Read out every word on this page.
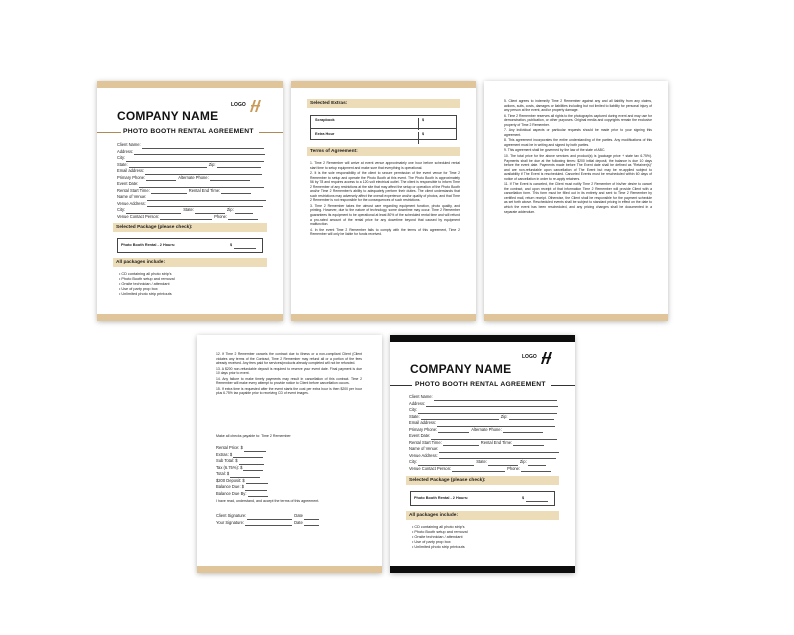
COMPANY NAME
LOGO
PHOTO BOOTH RENTAL AGREEMENT
Client Name:
Address:
City:
State:	Zip:
Email address:
Primary Phone:	Alternate Phone:
Event Date:
Rental Start Time:	Rental End Time:
Name of Venue:
Venue Address:
City:	State:	Zip:
Venue Contact Person:	Phone:
Selected Package (please check):
Photo Booth Rental - 2 Hours:	$
All packages include:
• CD containing all photo strip's
• Photo Booth setup and removal
• Onsite technician / attendant
• Use of party prop box
• Unlimited photo strip printouts
Selected Extras:
Scrapbook	$
Extra Hour	$
Terms of Agreement:

1. Time 2 Remember will arrive at event venue approximately one hour before scheduled rental start time to setup equipment and make sure that everything is operational.

2. It is the sole responsibility of the client to secure permission of the event venue for Time 2 Remember to setup and operate the Photo Booth at this event. The Photo Booth is approximately 56 by 78 and requires access to a 120-volt electrical outlet. The client is responsible to inform Time 2 Remember of any restrictions at the site that may affect the setup or operation of the Photo Booth and/or Time 2 Remember's ability to adequately perform their duties. The client understands that such restrictions may adversely affect the overall experience and/or quality of photos, and that Time 2 Remember is not responsible for the consequences of such restrictions.

3. Time 2 Remember takes the utmost care regarding equipment function, photo quality, and printing. However, due to the nature of technology, some downtime may occur. Time 2 Remember guarantees its equipment to be operational at least 80% of the scheduled rental time and will refund a pro-rated amount of the rental price for any downtime beyond that caused by equipment malfunction.

4. In the event Time 2 Remember fails to comply with the terms of this agreement, Time 2 Remember will only be liable for funds received.

5. Client agrees to indemnify Time 2 Remember against any and all liability from any claims, actions, suits, costs, damages or liabilities including but not limited to liability for personal injury of any person at the event, and/or property damage.

6. Time 2 Remember reserves all rights to the photographs captured during event and may use for demonstration, publication, or other purposes. Original media and copyrights remain the exclusive property of Time 2 Remember.

7. Any individual aspects or particular requests should be made prior to your signing this agreement.

8. This agreement incorporates the entire understanding of the parties. Any modifications of this agreement must be in writing and signed by both parties.

9. This agreement shall be governed by the law of the state of ABC.

10. The total price for the above services and product(s) is (package price + state tax 6.75%). Payments shall be due at the following times: $200 initial deposit, the balance is due 10 days before the event date. Payments made before The Event date shall be defined as "Retainer(s)" and are non-refundable upon cancellation of The Event but may be re-applied subject to availability if The Event is rescheduled. Canceled Events must be rescheduled within 60 days of notice of cancellation in order to re-apply retainers.

11. If The Event is canceled, the Client must notify Time 2 Remember of his/her desire to cancel the contract, and upon receipt of that information Time 2 Remember will provide Client with a cancellation form. This form must be filled out in its entirety and sent to Time 2 Remember by certified mail, return receipt. Otherwise, the Client shall be responsible for the payment schedule as set forth above. Rescheduled events shall be subject to standard pricing in effect on the date to which the event has been rescheduled, and any pricing changes shall be documented in a separate addendum.

12. If Time 2 Remember cancels the contract due to illness or a non-compliant Client (Client violates any terms of the Contract, Time 2 Remember may refund all or a portion of the fees already received. Any fees paid for services/products already completed will not be refunded.

13. A $200 non-refundable deposit is required to reserve your event date. Final payment is due 10 days prior to event.

14. Any failure to make timely payments may result in cancellation of this contract. Time 2 Remember will make every attempt to provide notice to Client before cancellation occurs.

15. If extra time is requested after the event starts the cost per extra hour is then $200 per hour plus 6.75% tax payable prior to receiving CD of event images.

Make all checks payable to: Time 2 Remember
Rental Price: $
Extras: $
Sub Total: $
Tax (6.75%): $
Total: $
$200 Deposit: $
Balance Due: $
Balance Due By:
I have read, understand, and accept the terms of this agreement.
Client Signature:	Date
Your Signature:	Date
COMPANY NAME
LOGO
PHOTO BOOTH RENTAL AGREEMENT
Client Name:
Address:
City:
State:	Zip:
Email address:
Primary Phone:	Alternate Phone:
Event Date:
Rental Start Time:	Rental End Time:
Name of Venue:
Venue Address:
City:	State:	Zip:
Venue Contact Person:	Phone:
Selected Package (please check):
Photo Booth Rental - 2 Hours:	$
All packages include:
• CD containing all photo strip's
• Photo Booth setup and removal
• Onsite technician / attendant
• Use of party prop box
• Unlimited photo strip printouts
